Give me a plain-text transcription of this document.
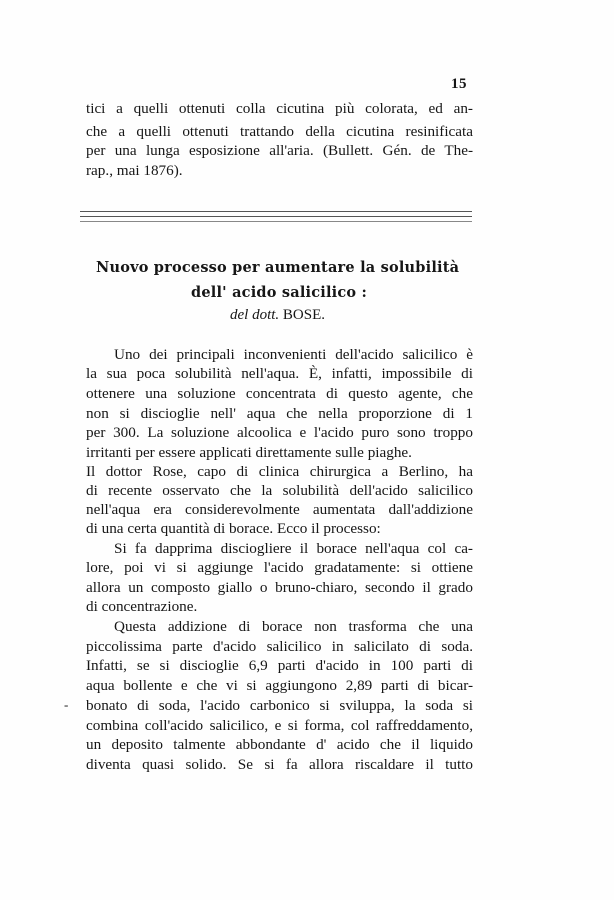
15
tici a quelli ottenuti colla cicutina più colorata, ed an-
che a quelli ottenuti trattando della cicutina resinificata
per una lunga esposizione all'aria. (Bullett. Gén. de The-
rap., mai 1876).
Nuovo processo per aumentare la solubilità
dell' acido salicilico :
del dott. BOSE.
Uno dei principali inconvenienti dell'acido salicilico è
la sua poca solubilità nell'aqua. È, infatti, impossibile di
ottenere una soluzione concentrata di questo agente, che
non si discioglie nell' aqua che nella proporzione di 1
per 300. La soluzione alcoolica e l'acido puro sono troppo
irritanti per essere applicati direttamente sulle piaghe.
Il dottor Rose, capo di clinica chirurgica a Berlino, ha
di recente osservato che la solubilità dell'acido salicilico
nell'aqua era considerevolmente aumentata dall'addizione
di una certa quantità di borace. Ecco il processo:
Si fa dapprima disciogliere il borace nell'aqua col ca-
lore, poi vi si aggiunge l'acido gradatamente: si ottiene
allora un composto giallo o bruno-chiaro, secondo il grado
di concentrazione.
Questa addizione di borace non trasforma che una
piccolissima parte d'acido salicilico in salicilato di soda.
Infatti, se si discioglie 6,9 parti d'acido in 100 parti di
aqua bollente e che vi si aggiungono 2,89 parti di bicar-
bonato di soda, l'acido carbonico si sviluppa, la soda si
combina coll'acido salicilico, e si forma, col raffreddamento,
un deposito talmente abbondante d' acido che il liquido
diventa quasi solido. Se si fa allora riscaldare il tutto
-
